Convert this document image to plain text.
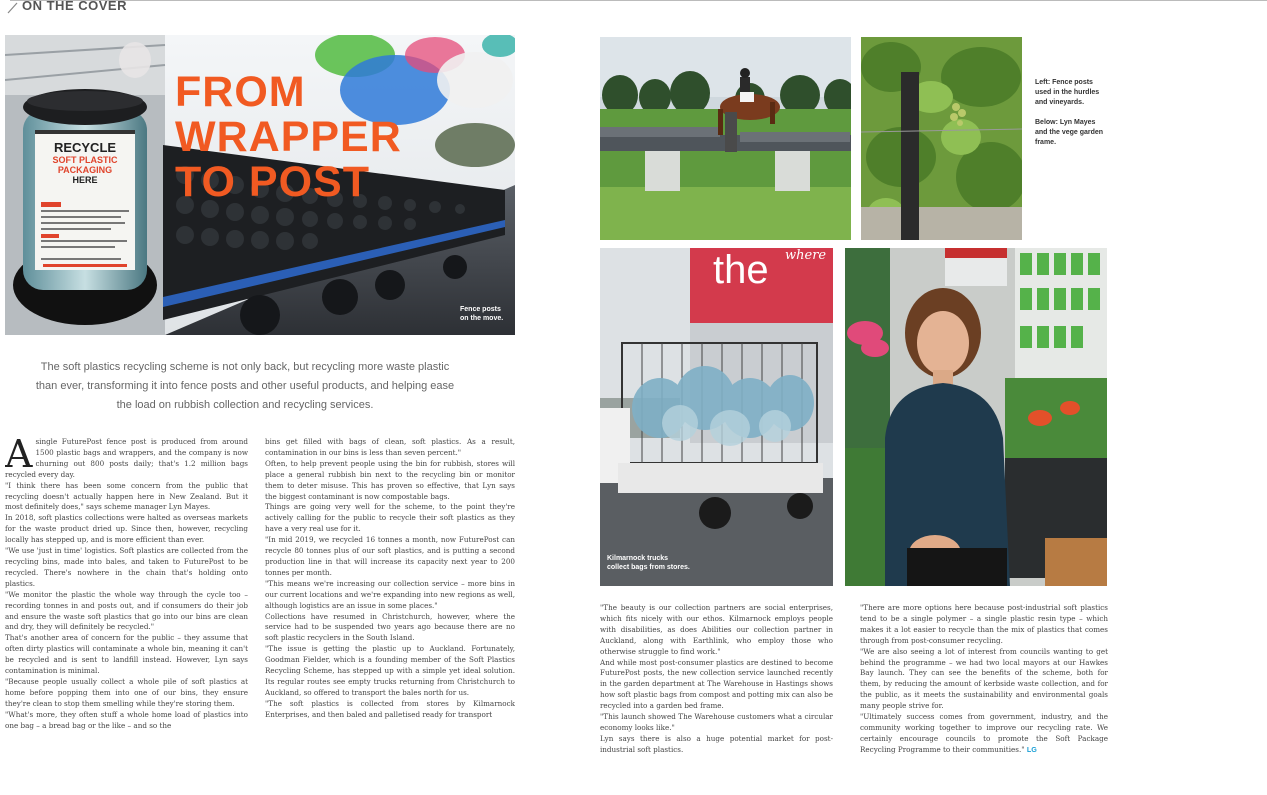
ON THE COVER
RECYCLE
SOFT PLASTIC
PACKAGING
HERE
FROM
WRAPPER
TO POST
Fence posts
on the move.
The soft plastics recycling scheme is not only back, but recycling more waste plastic than ever, transforming it into fence posts and other useful products, and helping ease the load on rubbish collection and recycling services.
A single FuturePost fence post is produced from around 1500 plastic bags and wrappers, and the company is now churning out 800 posts daily; that's 1.2 million bags recycled every day.

"I think there has been some concern from the public that recycling doesn't actually happen here in New Zealand. But it most definitely does," says scheme manager Lyn Mayes.

In 2018, soft plastics collections were halted as overseas markets for the waste product dried up. Since then, however, recycling locally has stepped up, and is more efficient than ever.

"We use 'just in time' logistics. Soft plastics are collected from the recycling bins, made into bales, and taken to FuturePost to be recycled. There's nowhere in the chain that's holding onto plastics.

"We monitor the plastic the whole way through the cycle too – recording tonnes in and posts out, and if consumers do their job and ensure the waste soft plastics that go into our bins are clean and dry, they will definitely be recycled."

That's another area of concern for the public – they assume that often dirty plastics will contaminate a whole bin, meaning it can't be recycled and is sent to landfill instead. However, Lyn says contamination is minimal.

"Because people usually collect a whole pile of soft plastics at home before popping them into one of our bins, they ensure they're clean to stop them smelling while they're storing them.

"What's more, they often stuff a whole home load of plastics into one bag – a bread bag or the like – and so the

bins get filled with bags of clean, soft plastics. As a result, contamination in our bins is less than seven percent."

Often, to help prevent people using the bin for rubbish, stores will place a general rubbish bin next to the recycling bin or monitor them to deter misuse. This has proven so effective, that Lyn says the biggest contaminant is now compostable bags.

Things are going very well for the scheme, to the point they're actively calling for the public to recycle their soft plastics as they have a very real use for it.

"In mid 2019, we recycled 16 tonnes a month, now FuturePost can recycle 80 tonnes plus of our soft plastics, and is putting a second production line in that will increase its capacity next year to 200 tonnes per month.

"This means we're increasing our collection service – more bins in our current locations and we're expanding into new regions as well, although logistics are an issue in some places."

Collections have resumed in Christchurch, however, where the service had to be suspended two years ago because there are no soft plastic recyclers in the South Island.

"The issue is getting the plastic up to Auckland. Fortunately, Goodman Fielder, which is a founding member of the Soft Plastics Recycling Scheme, has stepped up with a simple yet ideal solution. Its regular routes see empty trucks returning from Christchurch to Auckland, so offered to transport the bales north for us.

"The soft plastics is collected from stores by Kilmarnock Enterprises, and then baled and palletised ready for transport

Left: Fence posts
used in the hurdles
and vineyards.
Below: Lyn Mayes
and the vege garden
frame.
the where
Kilmarnock trucks
collect bags from stores.

"The beauty is our collection partners are social enterprises, which fits nicely with our ethos. Kilmarnock employs people with disabilities, as does Abilities our collection partner in Auckland, along with Earthlink, who employ those who otherwise struggle to find work."

And while most post-consumer plastics are destined to become FuturePost posts, the new collection service launched recently in the garden department at The Warehouse in Hastings shows how soft plastic bags from compost and potting mix can also be recycled into a garden bed frame.

"This launch showed The Warehouse customers what a circular economy looks like."

Lyn says there is also a huge potential market for post-industrial soft plastics.

"There are more options here because post-industrial soft plastics tend to be a single polymer – a single plastic resin type – which makes it a lot easier to recycle than the mix of plastics that comes through from post-consumer recycling.

"We are also seeing a lot of interest from councils wanting to get behind the programme – we had two local mayors at our Hawkes Bay launch. They can see the benefits of the scheme, both for them, by reducing the amount of kerbside waste collection, and for the public, as it meets the sustainability and environmental goals many people strive for.

"Ultimately success comes from government, industry, and the community working together to improve our recycling rate. We certainly encourage councils to promote the Soft Package Recycling Programme to their communities." LG
